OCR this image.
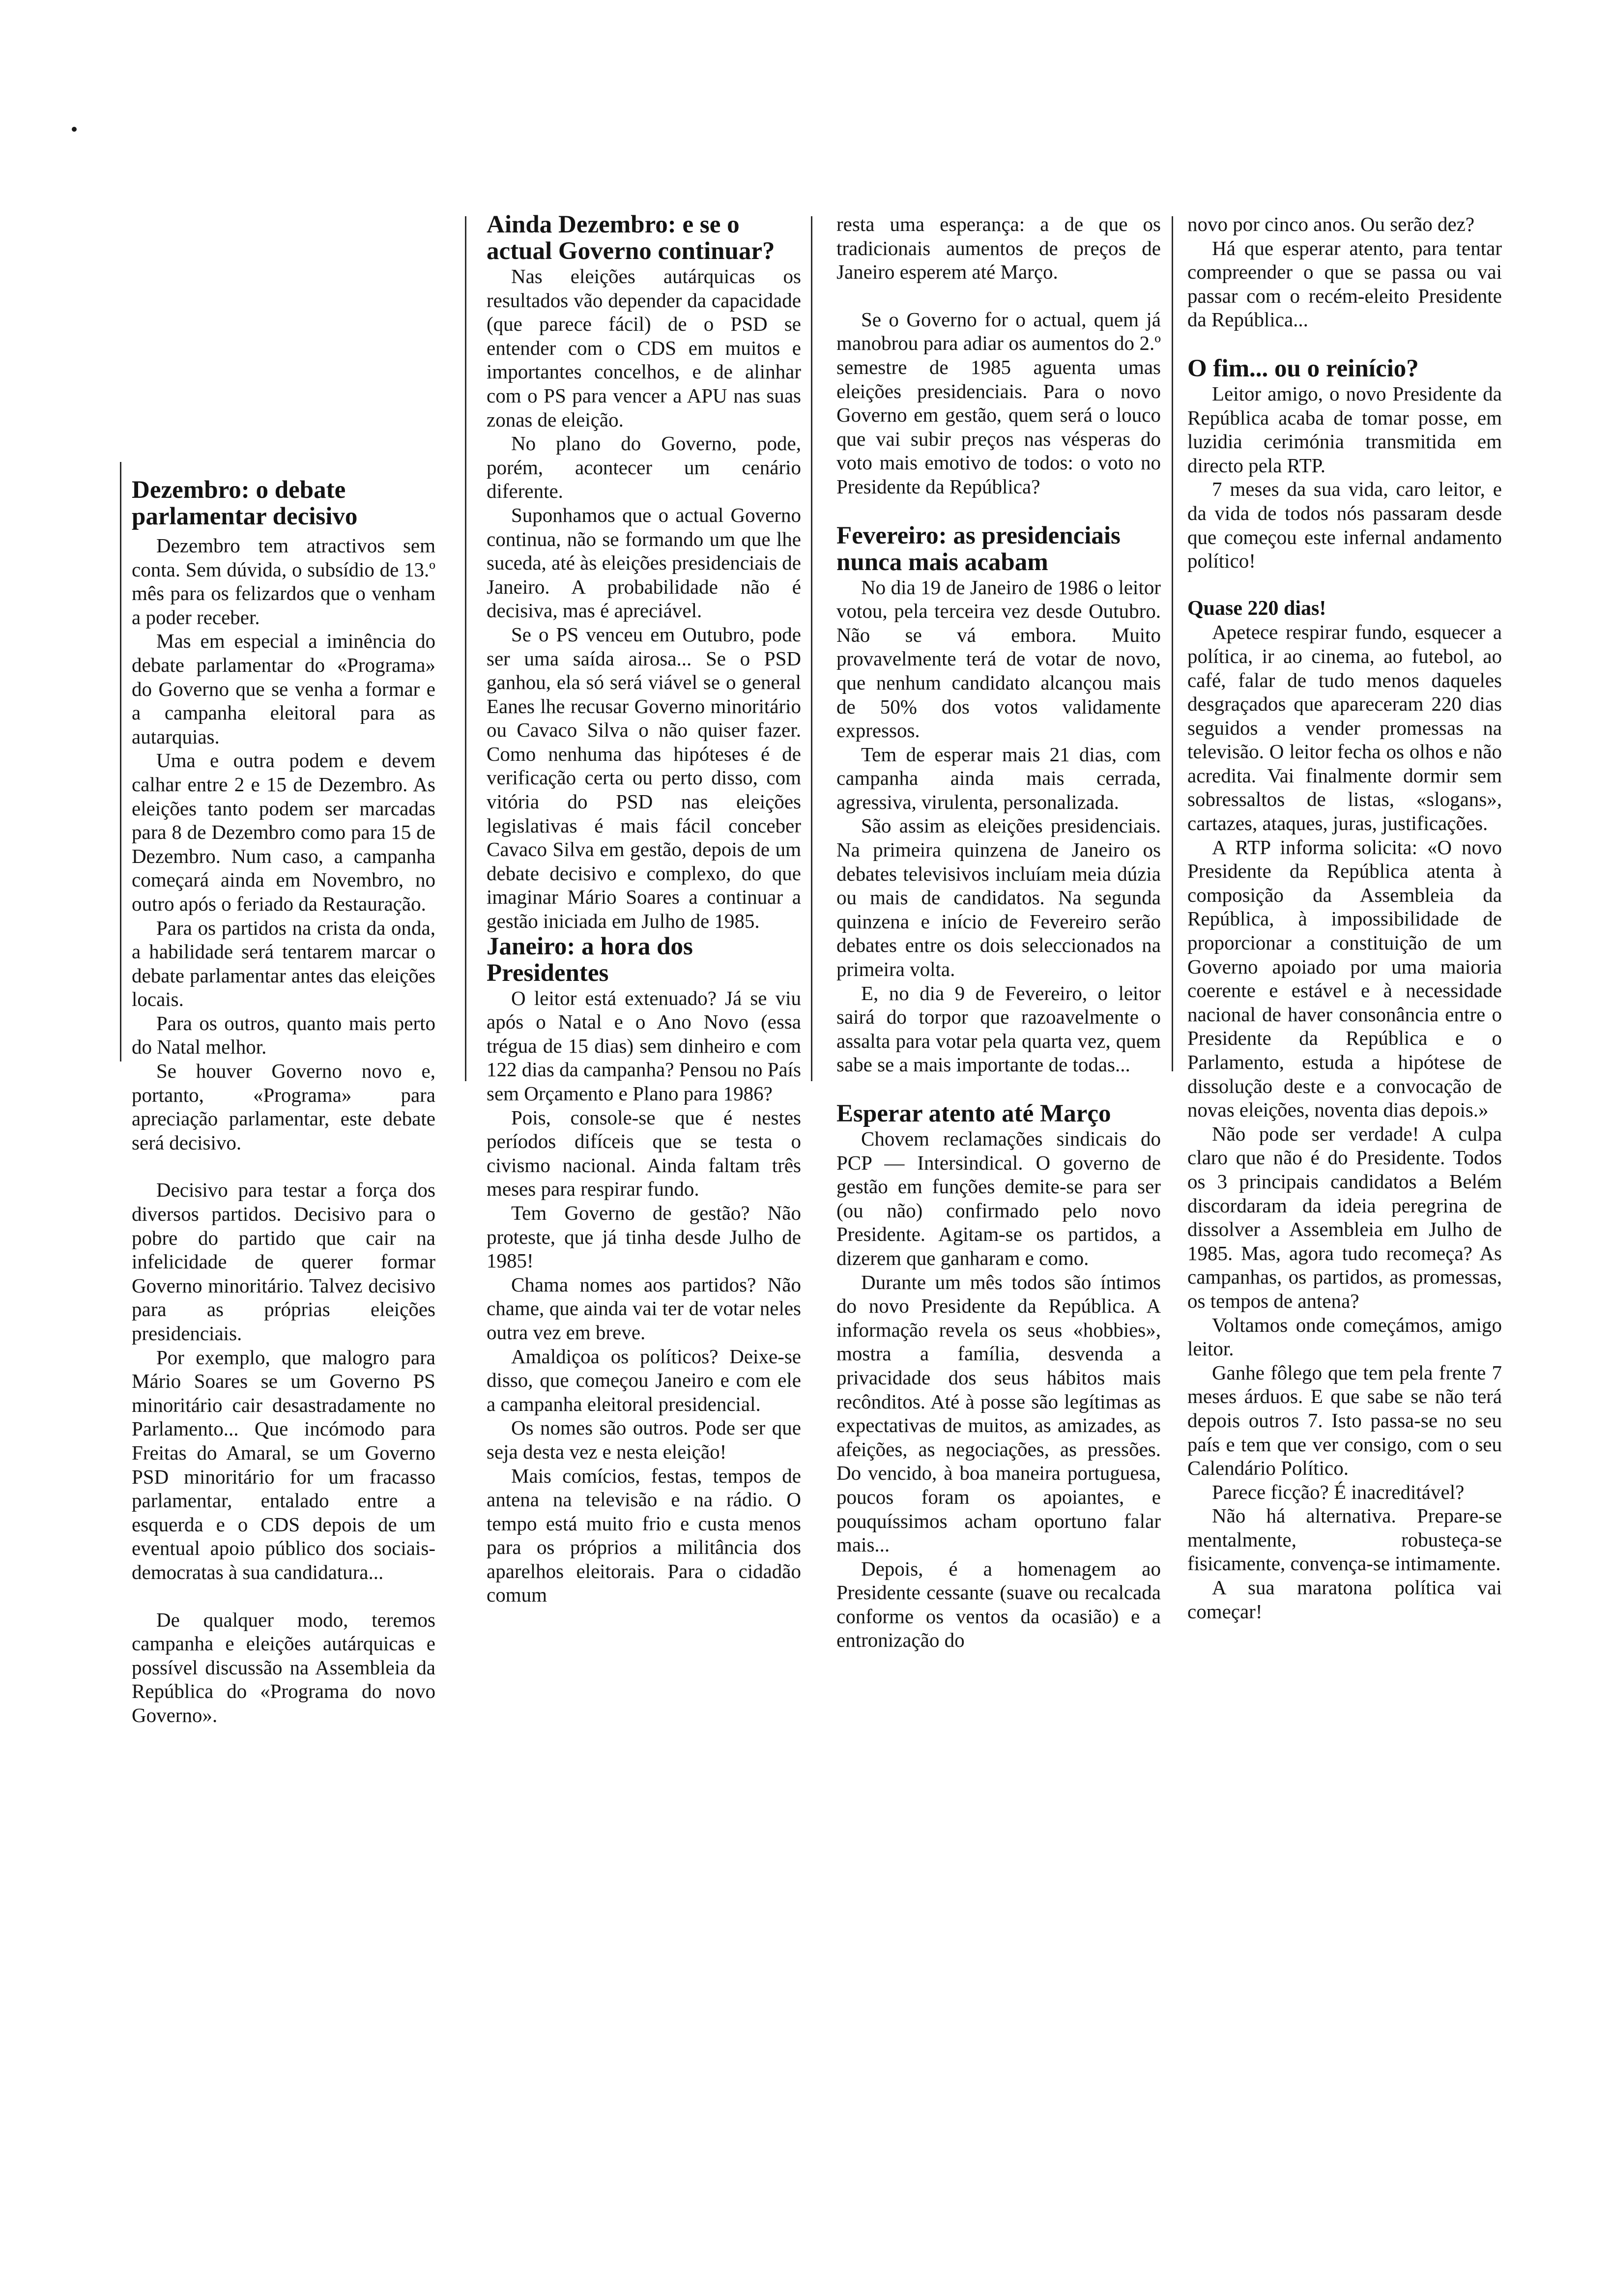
Dezembro: o debate parlamentar decisivo

Dezembro tem atractivos sem conta. Sem dúvida, o subsídio de 13.º mês para os felizardos que o venham a poder receber.

Mas em especial a iminência do debate parlamentar do «Programa» do Governo que se venha a formar e a campanha eleitoral para as autarquias.

Uma e outra podem e devem calhar entre 2 e 15 de Dezembro. As eleições tanto podem ser marcadas para 8 de Dezembro como para 15 de Dezembro. Num caso, a campanha começará ainda em Novembro, no outro após o feriado da Restauração.

Para os partidos na crista da onda, a habilidade será tentarem marcar o debate parlamentar antes das eleições locais.

Para os outros, quanto mais perto do Natal melhor.

Se houver Governo novo e, portanto, «Programa» para apreciação parlamentar, este debate será decisivo.

Decisivo para testar a força dos diversos partidos. Decisivo para o pobre do partido que cair na infelicidade de querer formar Governo minoritário. Talvez decisivo para as próprias eleições presidenciais.

Por exemplo, que malogro para Mário Soares se um Governo PS minoritário cair desastradamente no Parlamento... Que incómodo para Freitas do Amaral, se um Governo PSD minoritário for um fracasso parlamentar, entalado entre a esquerda e o CDS depois de um eventual apoio público dos sociais-democratas à sua candidatura...

De qualquer modo, teremos campanha e eleições autárquicas e possível discussão na Assembleia da República do «Programa do novo Governo».

Ainda Dezembro: e se o actual Governo continuar?

Nas eleições autárquicas os resultados vão depender da capacidade (que parece fácil) de o PSD se entender com o CDS em muitos e importantes concelhos, e de alinhar com o PS para vencer a APU nas suas zonas de eleição.

No plano do Governo, pode, porém, acontecer um cenário diferente.

Suponhamos que o actual Governo continua, não se formando um que lhe suceda, até às eleições presidenciais de Janeiro. A probabilidade não é decisiva, mas é apreciável.

Se o PS venceu em Outubro, pode ser uma saída airosa... Se o PSD ganhou, ela só será viável se o general Eanes lhe recusar Governo minoritário ou Cavaco Silva o não quiser fazer. Como nenhuma das hipóteses é de verificação certa ou perto disso, com vitória do PSD nas eleições legislativas é mais fácil conceber Cavaco Silva em gestão, depois de um debate decisivo e complexo, do que imaginar Mário Soares a continuar a gestão iniciada em Julho de 1985.

Janeiro: a hora dos Presidentes

O leitor está extenuado? Já se viu após o Natal e o Ano Novo (essa trégua de 15 dias) sem dinheiro e com 122 dias da campanha? Pensou no País sem Orçamento e Plano para 1986?

Pois, console-se que é nestes períodos difíceis que se testa o civismo nacional. Ainda faltam três meses para respirar fundo.

Tem Governo de gestão? Não proteste, que já tinha desde Julho de 1985!

Chama nomes aos partidos? Não chame, que ainda vai ter de votar neles outra vez em breve.

Amaldiçoa os políticos? Deixe-se disso, que começou Janeiro e com ele a campanha eleitoral presidencial.

Os nomes são outros. Pode ser que seja desta vez e nesta eleição!

Mais comícios, festas, tempos de antena na televisão e na rádio. O tempo está muito frio e custa menos para os próprios a militância dos aparelhos eleitorais. Para o cidadão comum

resta uma esperança: a de que os tradicionais aumentos de preços de Janeiro esperem até Março.

Se o Governo for o actual, quem já manobrou para adiar os aumentos do 2.º semestre de 1985 aguenta umas eleições presidenciais. Para o novo Governo em gestão, quem será o louco que vai subir preços nas vésperas do voto mais emotivo de todos: o voto no Presidente da República?

Fevereiro: as presidenciais nunca mais acabam

No dia 19 de Janeiro de 1986 o leitor votou, pela terceira vez desde Outubro. Não se vá embora. Muito provavelmente terá de votar de novo, que nenhum candidato alcançou mais de 50% dos votos validamente expressos.

Tem de esperar mais 21 dias, com campanha ainda mais cerrada, agressiva, virulenta, personalizada.

São assim as eleições presidenciais. Na primeira quinzena de Janeiro os debates televisivos incluíam meia dúzia ou mais de candidatos. Na segunda quinzena e início de Fevereiro serão debates entre os dois seleccionados na primeira volta.

E, no dia 9 de Fevereiro, o leitor sairá do torpor que razoavelmente o assalta para votar pela quarta vez, quem sabe se a mais importante de todas...

Esperar atento até Março

Chovem reclamações sindicais do PCP — Intersindical. O governo de gestão em funções demite-se para ser (ou não) confirmado pelo novo Presidente. Agitam-se os partidos, a dizerem que ganharam e como.

Durante um mês todos são íntimos do novo Presidente da República. A informação revela os seus «hobbies», mostra a família, desvenda a privacidade dos seus hábitos mais recônditos. Até à posse são legítimas as expectativas de muitos, as amizades, as afeições, as negociações, as pressões. Do vencido, à boa maneira portuguesa, poucos foram os apoiantes, e pouquíssimos acham oportuno falar mais...

Depois, é a homenagem ao Presidente cessante (suave ou recalcada conforme os ventos da ocasião) e a entronização do

novo por cinco anos. Ou serão dez?

Há que esperar atento, para tentar compreender o que se passa ou vai passar com o recém-eleito Presidente da República...

O fim... ou o reinício?

Leitor amigo, o novo Presidente da República acaba de tomar posse, em luzidia cerimónia transmitida em directo pela RTP.

7 meses da sua vida, caro leitor, e da vida de todos nós passaram desde que começou este infernal andamento político!

Quase 220 dias!

Apetece respirar fundo, esquecer a política, ir ao cinema, ao futebol, ao café, falar de tudo menos daqueles desgraçados que apareceram 220 dias seguidos a vender promessas na televisão. O leitor fecha os olhos e não acredita. Vai finalmente dormir sem sobressaltos de listas, «slogans», cartazes, ataques, juras, justificações.

A RTP informa solicita: «O novo Presidente da República atenta à composição da Assembleia da República, à impossibilidade de proporcionar a constituição de um Governo apoiado por uma maioria coerente e estável e à necessidade nacional de haver consonância entre o Presidente da República e o Parlamento, estuda a hipótese de dissolução deste e a convocação de novas eleições, noventa dias depois.»

Não pode ser verdade! A culpa claro que não é do Presidente. Todos os 3 principais candidatos a Belém discordaram da ideia peregrina de dissolver a Assembleia em Julho de 1985. Mas, agora tudo recomeça? As campanhas, os partidos, as promessas, os tempos de antena?

Voltamos onde começámos, amigo leitor.

Ganhe fôlego que tem pela frente 7 meses árduos. E que sabe se não terá depois outros 7. Isto passa-se no seu país e tem que ver consigo, com o seu Calendário Político.

Parece ficção? É inacreditável?

Não há alternativa. Prepare-se mentalmente, robusteça-se fisicamente, convença-se intimamente.

A sua maratona política vai começar!
